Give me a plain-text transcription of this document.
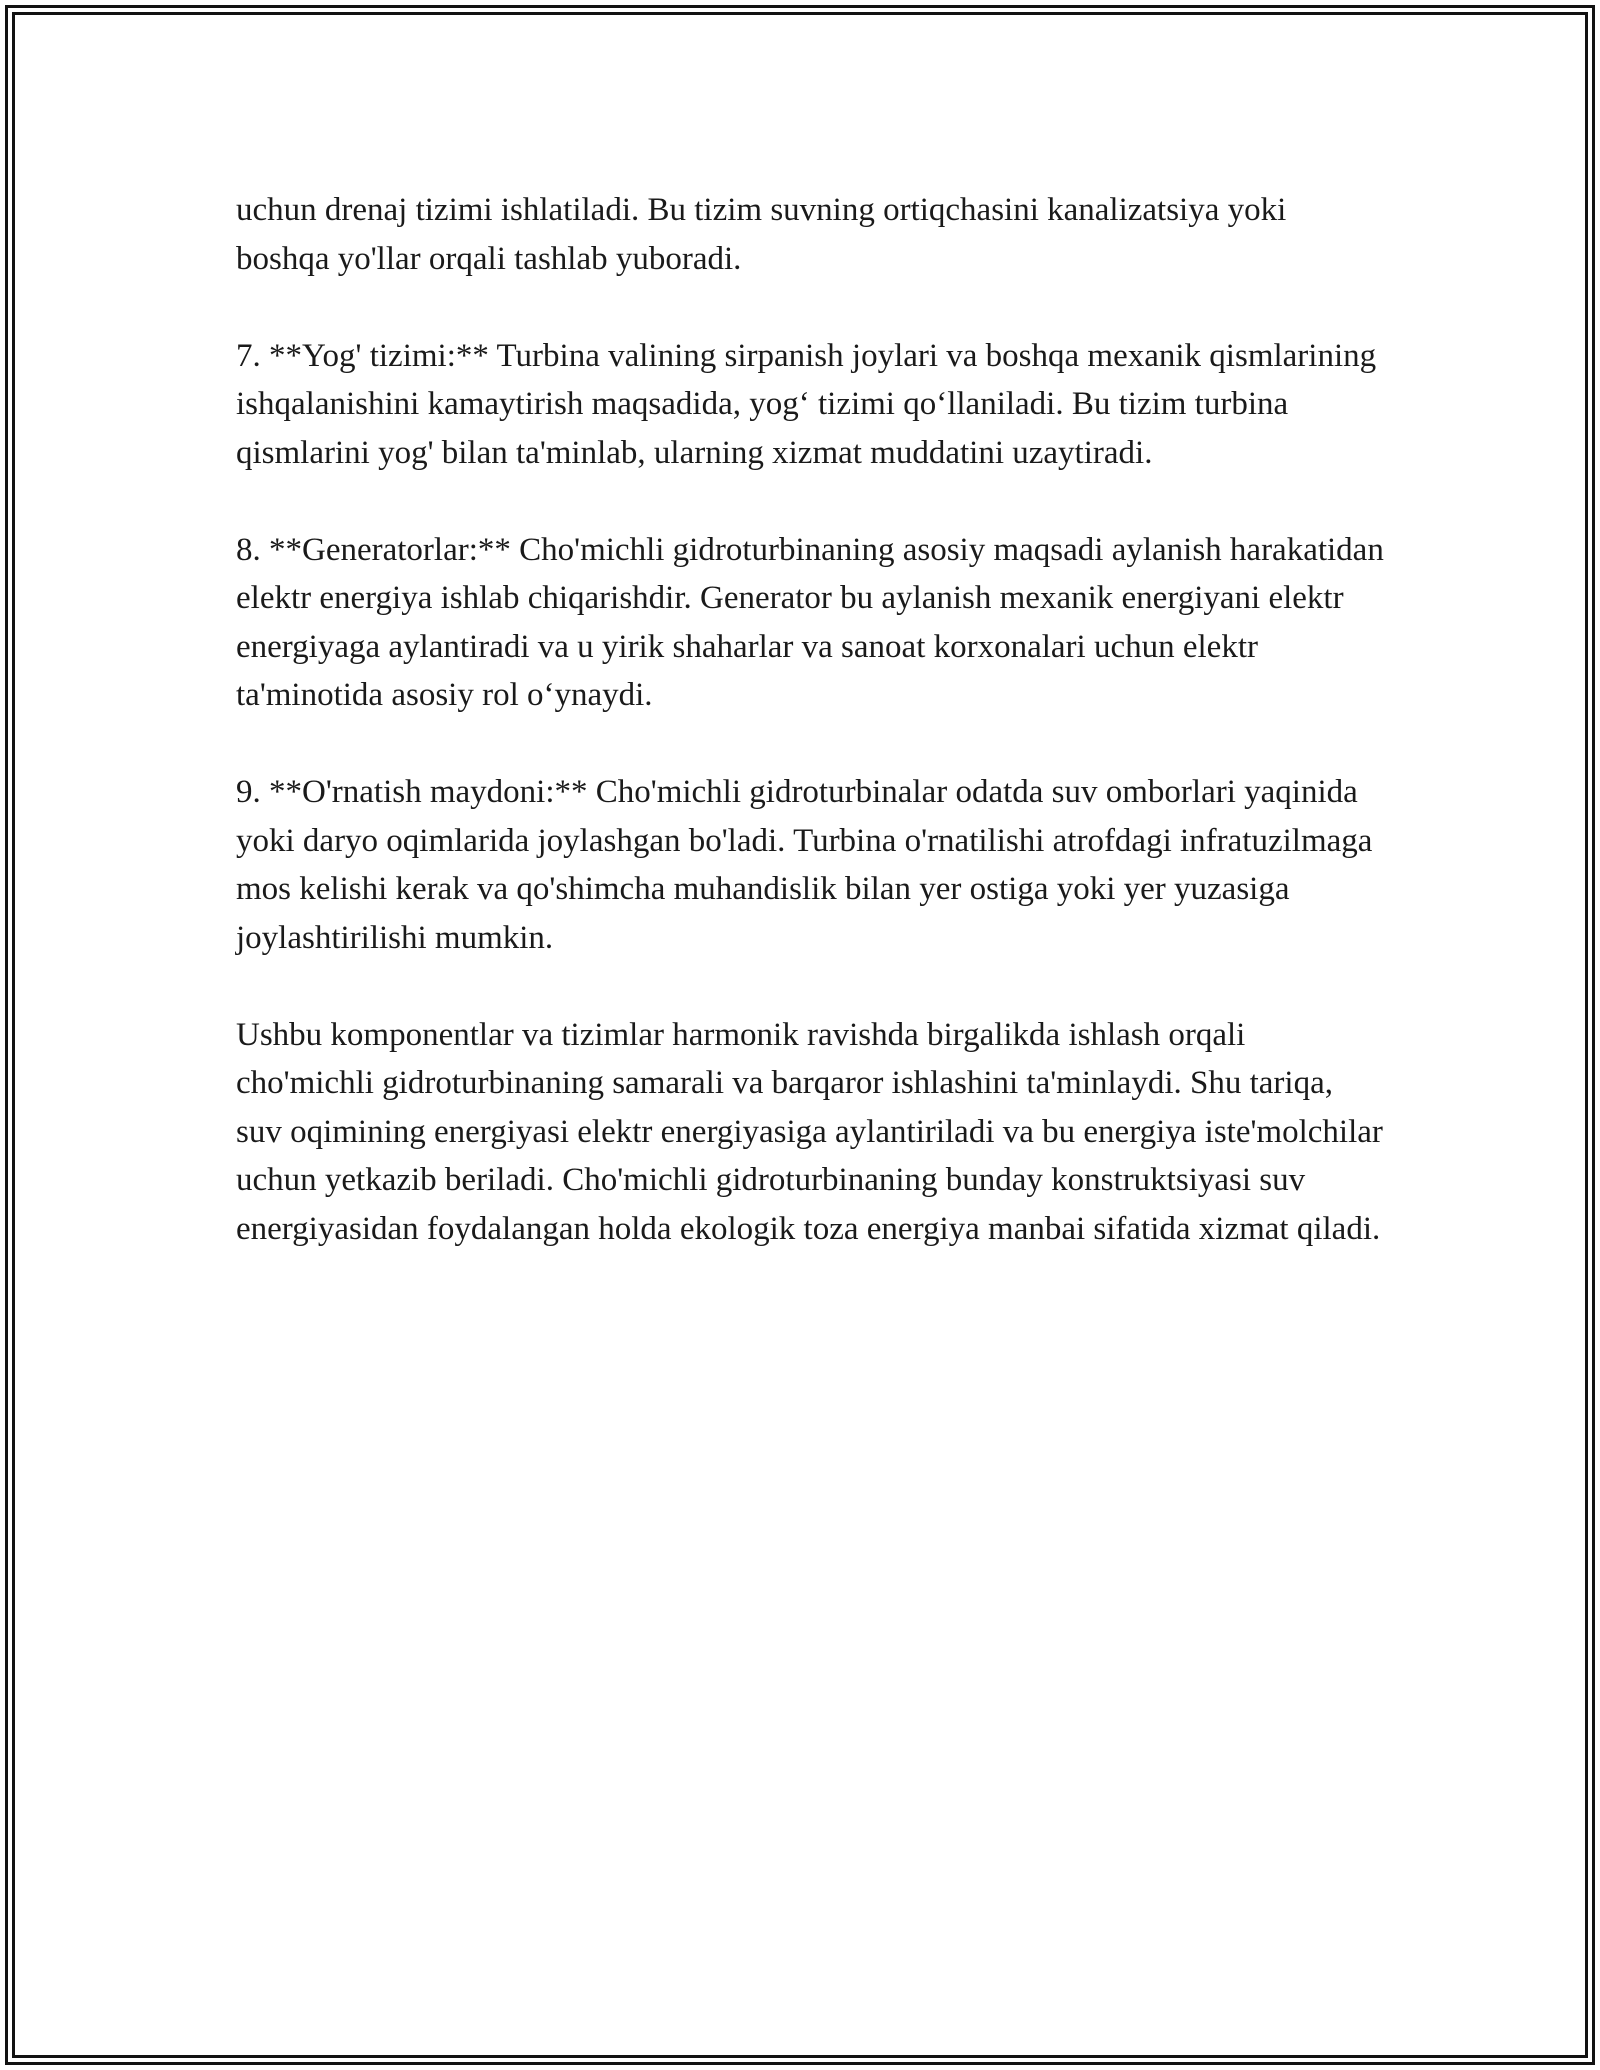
uchun drenaj tizimi ishlatiladi. Bu tizim suvning ortiqchasini kanalizatsiya yoki boshqa yo'llar orqali tashlab yuboradi.

7. **Yog' tizimi:** Turbina valining sirpanish joylari va boshqa mexanik qismlarining ishqalanishini kamaytirish maqsadida, yog‘ tizimi qo‘llaniladi. Bu tizim turbina qismlarini yog' bilan ta'minlab, ularning xizmat muddatini uzaytiradi.

8. **Generatorlar:** Cho'michli gidroturbinaning asosiy maqsadi aylanish harakatidan elektr energiya ishlab chiqarishdir. Generator bu aylanish mexanik energiyani elektr energiyaga aylantiradi va u yirik shaharlar va sanoat korxonalari uchun elektr ta'minotida asosiy rol o‘ynaydi.

9. **O'rnatish maydoni:** Cho'michli gidroturbinalar odatda suv omborlari yaqinida yoki daryo oqimlarida joylashgan bo'ladi. Turbina o'rnatilishi atrofdagi infratuzilmaga mos kelishi kerak va qo'shimcha muhandislik bilan yer ostiga yoki yer yuzasiga joylashtirilishi mumkin.

Ushbu komponentlar va tizimlar harmonik ravishda birgalikda ishlash orqali cho'michli gidroturbinaning samarali va barqaror ishlashini ta'minlaydi. Shu tariqa, suv oqimining energiyasi elektr energiyasiga aylantiriladi va bu energiya iste'molchilar uchun yetkazib beriladi. Cho'michli gidroturbinaning bunday konstruktsiyasi suv energiyasidan foydalangan holda ekologik toza energiya manbai sifatida xizmat qiladi.
